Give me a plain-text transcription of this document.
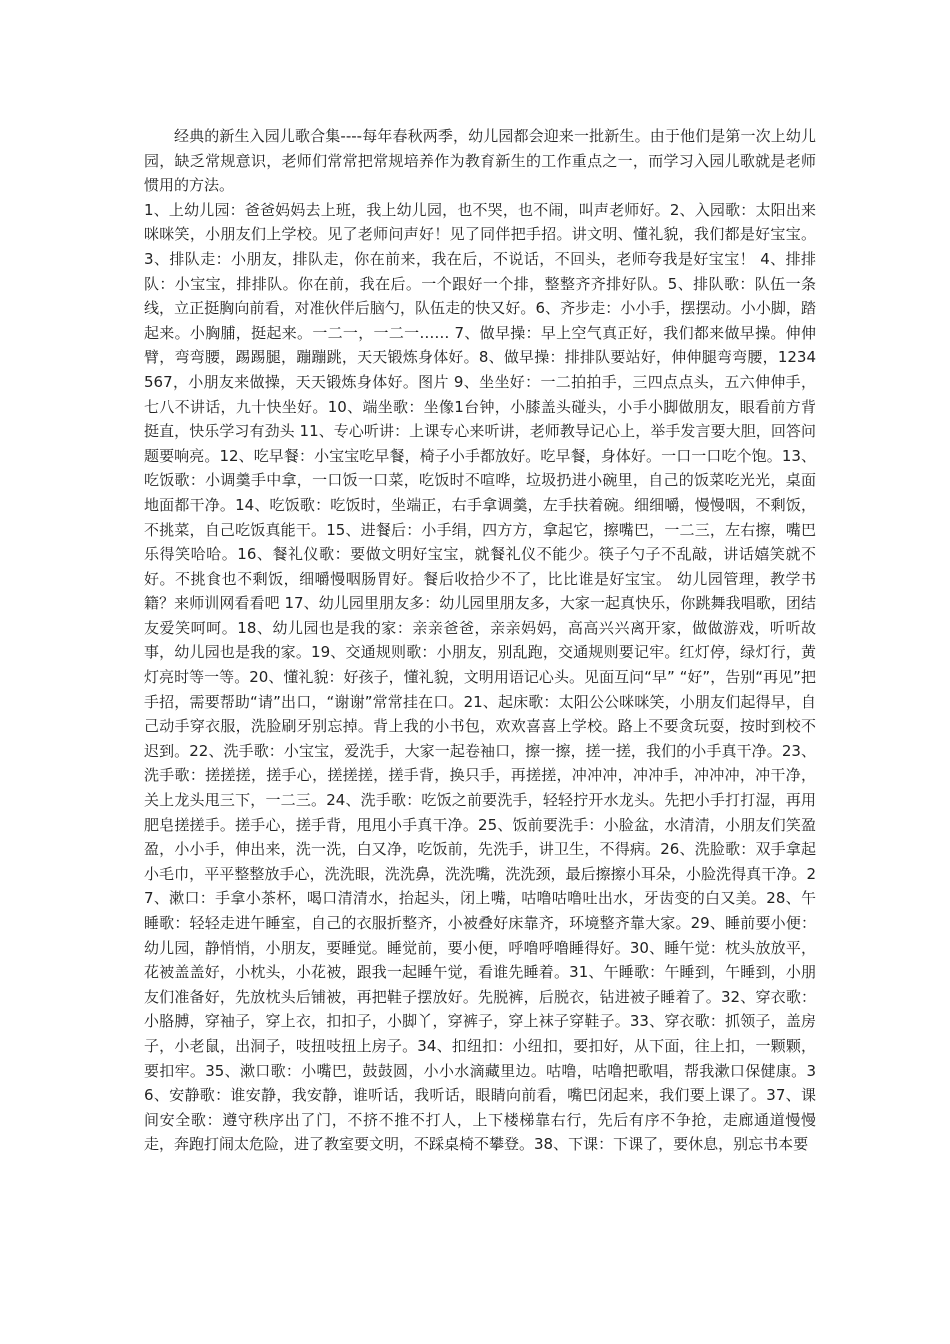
经典的新生入园儿歌合集----每年春秋两季，幼儿园都会迎来一批新生。由于他们是第一次上幼儿园，缺乏常规意识，老师们常常把常规培养作为教育新生的工作重点之一，而学习入园儿歌就是老师惯用的方法。

1、上幼儿园：爸爸妈妈去上班，我上幼儿园，也不哭，也不闹，叫声老师好。2、入园歌：太阳出来咪咪笑，小朋友们上学校。见了老师问声好！见了同伴把手招。讲文明、懂礼貌，我们都是好宝宝。3、排队走：小朋友，排队走，你在前来，我在后，不说话，不回头，老师夸我是好宝宝！ 4、排排队：小宝宝，排排队。你在前，我在后。一个跟好一个排，整整齐齐排好队。5、排队歌：队伍一条线，立正挺胸向前看，对准伙伴后脑勺，队伍走的快又好。6、齐步走：小小手，摆摆动。小小脚，踏起来。小胸脯，挺起来。一二一，一二一…… 7、做早操：早上空气真正好，我们都来做早操。伸伸臂，弯弯腰，踢踢腿，蹦蹦跳，天天锻炼身体好。8、做早操：排排队要站好，伸伸腿弯弯腰，1234567，小朋友来做操，天天锻炼身体好。图片 9、坐坐好：一二拍拍手，三四点点头，五六伸伸手，七八不讲话，九十快坐好。10、端坐歌：坐像1台钟，小膝盖头碰头，小手小脚做朋友，眼看前方背挺直，快乐学习有劲头 11、专心听讲：上课专心来听讲，老师教导记心上，举手发言要大胆，回答问题要响亮。12、吃早餐：小宝宝吃早餐，椅子小手都放好。吃早餐，身体好。一口一口吃个饱。13、吃饭歌：小调羹手中拿，一口饭一口菜，吃饭时不喧哗，垃圾扔进小碗里，自己的饭菜吃光光，桌面地面都干净。14、吃饭歌：吃饭时，坐端正，右手拿调羹，左手扶着碗。细细嚼，慢慢咽，不剩饭，不挑菜，自己吃饭真能干。15、进餐后：小手绢，四方方，拿起它，擦嘴巴，一二三，左右擦，嘴巴乐得笑哈哈。16、餐礼仪歌：要做文明好宝宝，就餐礼仪不能少。筷子勺子不乱敲，讲话嬉笑就不好。不挑食也不剩饭，细嚼慢咽肠胃好。餐后收拾少不了，比比谁是好宝宝。 幼儿园管理，教学书籍？来师训网看看吧 17、幼儿园里朋友多：幼儿园里朋友多，大家一起真快乐，你跳舞我唱歌，团结友爱笑呵呵。18、幼儿园也是我的家：亲亲爸爸，亲亲妈妈，高高兴兴离开家，做做游戏，听听故事，幼儿园也是我的家。19、交通规则歌：小朋友，别乱跑，交通规则要记牢。红灯停，绿灯行，黄灯亮时等一等。20、懂礼貌：好孩子，懂礼貌，文明用语记心头。见面互问“早” “好”，告别“再见”把手招，需要帮助“请”出口，“谢谢”常常挂在口。21、起床歌：太阳公公咪咪笑，小朋友们起得早，自己动手穿衣服，洗脸刷牙别忘掉。背上我的小书包，欢欢喜喜上学校。路上不要贪玩耍，按时到校不迟到。22、洗手歌：小宝宝，爱洗手，大家一起卷袖口，擦一擦，搓一搓，我们的小手真干净。23、洗手歌：搓搓搓，搓手心，搓搓搓，搓手背，换只手，再搓搓，冲冲冲，冲冲手，冲冲冲，冲干净，关上龙头甩三下，一二三。24、洗手歌：吃饭之前要洗手，轻轻拧开水龙头。先把小手打打湿，再用肥皂搓搓手。搓手心，搓手背，甩甩小手真干净。25、饭前要洗手：小脸盆，水清清，小朋友们笑盈盈，小小手，伸出来，洗一洗，白又净，吃饭前，先洗手，讲卫生，不得病。26、洗脸歌：双手拿起小毛巾，平平整整放手心，洗洗眼，洗洗鼻，洗洗嘴，洗洗颈，最后擦擦小耳朵，小脸洗得真干净。27、漱口：手拿小茶杯，喝口清清水，抬起头，闭上嘴，咕噜咕噜吐出水，牙齿变的白又美。28、午睡歌：轻轻走进午睡室，自己的衣服折整齐，小被叠好床靠齐，环境整齐靠大家。29、睡前要小便：幼儿园，静悄悄，小朋友，要睡觉。睡觉前，要小便，呼噜呼噜睡得好。30、睡午觉：枕头放放平，花被盖盖好，小枕头，小花被，跟我一起睡午觉，看谁先睡着。31、午睡歌：午睡到，午睡到，小朋友们准备好，先放枕头后铺被，再把鞋子摆放好。先脱裤，后脱衣，钻进被子睡着了。32、穿衣歌：小胳膊，穿袖子，穿上衣，扣扣子，小脚丫，穿裤子，穿上袜子穿鞋子。33、穿衣歌：抓领子，盖房子，小老鼠，出洞子，吱扭吱扭上房子。34、扣纽扣：小纽扣，要扣好，从下面，往上扣，一颗颗，要扣牢。35、漱口歌：小嘴巴，鼓鼓圆，小小水滴藏里边。咕噜，咕噜把歌唱，帮我漱口保健康。36、安静歌：谁安静，我安静，谁听话，我听话，眼睛向前看，嘴巴闭起来，我们要上课了。37、课间安全歌：遵守秩序出了门，不挤不推不打人，上下楼梯靠右行，先后有序不争抢，走廊通道慢慢走，奔跑打闹太危险，进了教室要文明，不踩桌椅不攀登。38、下课：下课了，要休息，别忘书本要
